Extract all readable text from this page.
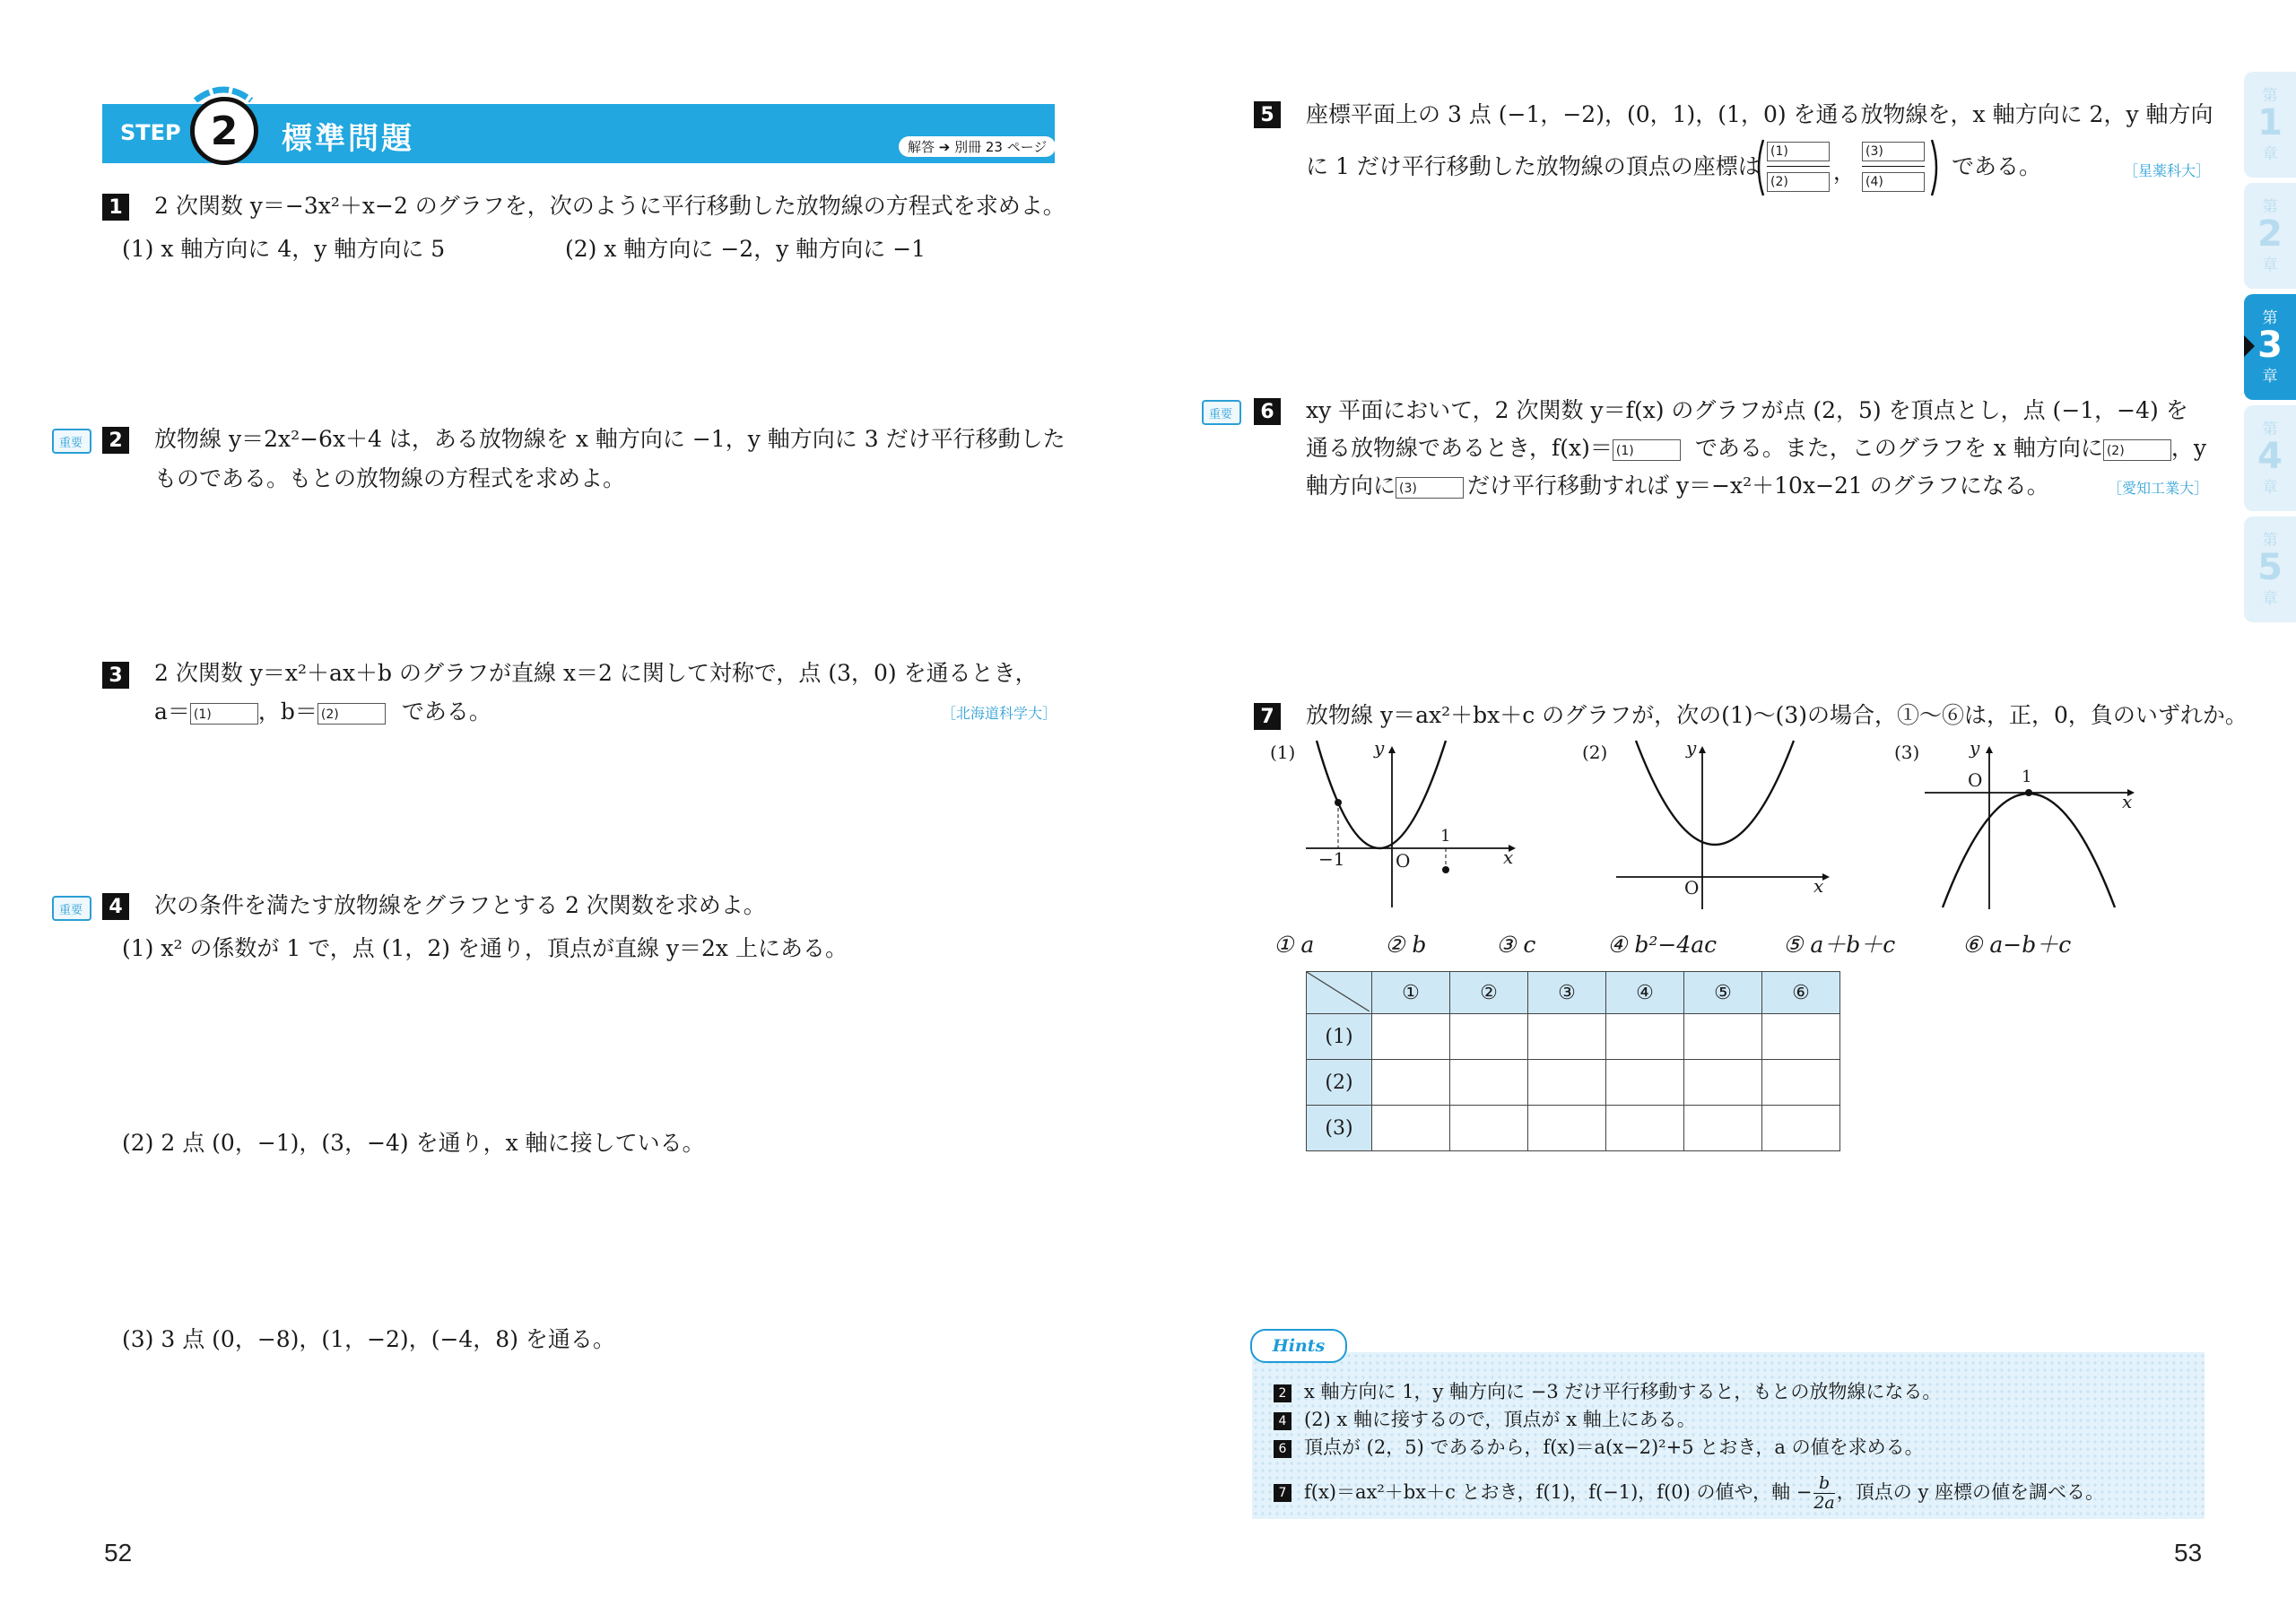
STEP	標準問題	解答 ➔ 別冊 23 ページ
2
1 2 次関数 y＝−3x²＋x−2 のグラフを，次のように平行移動した放物線の方程式を求めよ。
(1) x 軸方向に 4，y 軸方向に 5	(2) x 軸方向に −2，y 軸方向に −1
重要	2 放物線 y＝2x²−6x＋4 は，ある放物線を x 軸方向に −1，y 軸方向に 3 だけ平行移動した
ものである。もとの放物線の方程式を求めよ。
3 2 次関数 y＝x²＋ax＋b のグラフが直線 x＝2 に関して対称で，点 (3，0) を通るとき，
a＝ (1) ，b＝ (2)	である。	［北海道科学大］
重要	4 次の条件を満たす放物線をグラフとする 2 次関数を求めよ。
(1) x² の係数が 1 で，点 (1，2) を通り，頂点が直線 y＝2x 上にある。
(2) 2 点 (0，−1)，(3，−4) を通り，x 軸に接している。
(3) 3 点 (0，−8)，(1，−2)，(−4，8) を通る。
5 座標平面上の 3 点 (−1，−2)，(0，1)，(1，0) を通る放物線を，x 軸方向に 2，y 軸方向
に 1 だけ平行移動した放物線の頂点の座標は
(1)
(2)	，
(3)
(4)
である。	［星薬科大］
重要	6 xy 平面において，2 次関数 y＝f(x) のグラフが点 (2，5) を頂点とし，点 (−1，−4) を
通る放物線であるとき，f(x)＝ (1)	である。また，このグラフを x 軸方向に (2) ，y
軸方向に (3) だけ平行移動すれば y＝−x²＋10x−21 のグラフになる。	［愛知工業大］
7 放物線 y＝ax²＋bx＋c のグラフが，次の(1)〜(3)の場合，①〜⑥は，正，0，負のいずれか。
(1)	y
x
O
−1
1
(2)	y
x
O
(3)	y
x
O 1
① a	② b	③ c	④ b²−4ac	⑤ a＋b＋c	⑥ a−b＋c
	①	②	③	④	⑤	⑥
(1)						
(2)						
(3)						
Hints
2 x 軸方向に 1，y 軸方向に −3 だけ平行移動すると，もとの放物線になる。
4 (2) x 軸に接するので，頂点が x 軸上にある。
6 頂点が (2，5) であるから，f(x)＝a(x−2)²+5 とおき，a の値を求める。
7 f(x)＝ax²＋bx＋c とおき，f(1)，f(−1)，f(0) の値や，軸 − $\frac{b}{2a}$ ，頂点の y 座標の値を調べる。
52	53
第
1
章
第
2
章
第
3
章
第
4
章
第
5
章
